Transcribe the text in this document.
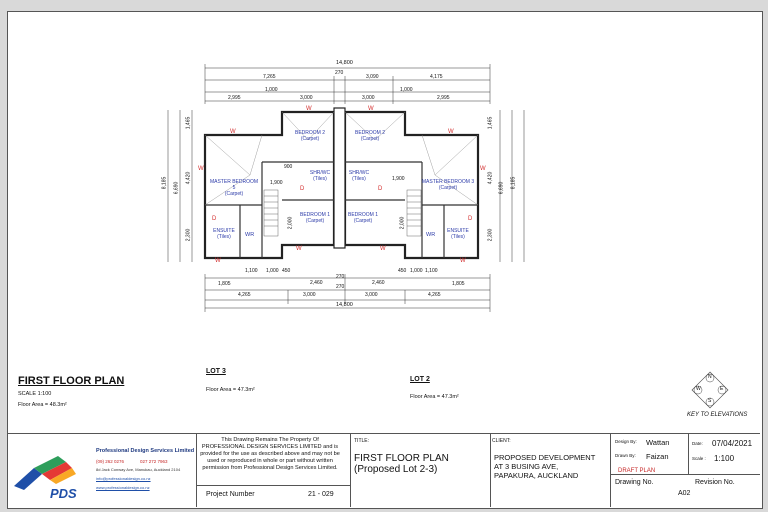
W
W	W
W
W	W
W
W	W
W
D	D
D	D
14,800
7,265
270
3,090	4,175
2,995
1,000
3,000	3,000
1,000
2,995
1,100 1,000 450
2,460
270
2,460
450 1,000 1,100
1,805	270	1,805
4,265	3,000	3,000	4,265
14,800
8,185 6,690
4,420
2,300
1,465
8,185
6,690
4,420
2,300
1,465
900
1,900
1,900
2,000	2,000
BEDROOM 2
(Carpet)
BEDROOM 2
(Carpet)
MASTER BEDROOM 5
(Carpet)
MASTER BEDROOM 3
(Carpet)
BEDROOM 1
(Carpet)
BEDROOM 1
(Carpet)
SHR/WC
(Tiles)
SHR/WC
(Tiles)
ENSUITE
(Tiles)
ENSUITE
(Tiles)
WR	WR
FIRST FLOOR PLAN
SCALE 1:100
Floor Area = 48.3m²
LOT 3
Floor Area = 47.3m²
LOT 2
Floor Area = 47.3m²
N
E
S
W
KEY TO ELEVATIONS
PDS
Professional Design Services Limited
(09) 262 0276	027 272 7963
8d Jack Conway Ave, Manukau, Auckland 2104
info@professionaldesign.co.nz
www.professionaldesign.co.nz
This Drawing Remains The Property Of PROFESSIONAL DESIGN SERVICES LIMITED and is provided for the use as described above and may not be used or reproduced in whole or part without written permission from Professional Design Services Limited.
Project Number	21 - 029
TITLE:
FIRST FLOOR PLAN
(Proposed Lot 2-3)
CLIENT:
PROPOSED DEVELOPMENT
AT 3 BUSING AVE,
PAPAKURA, AUCKLAND
Design By: Wattan
Drawn By: Faizan
Date: 07/04/2021
Scale : 1:100
DRAFT PLAN
Drawing No.
A02
Revision No.
